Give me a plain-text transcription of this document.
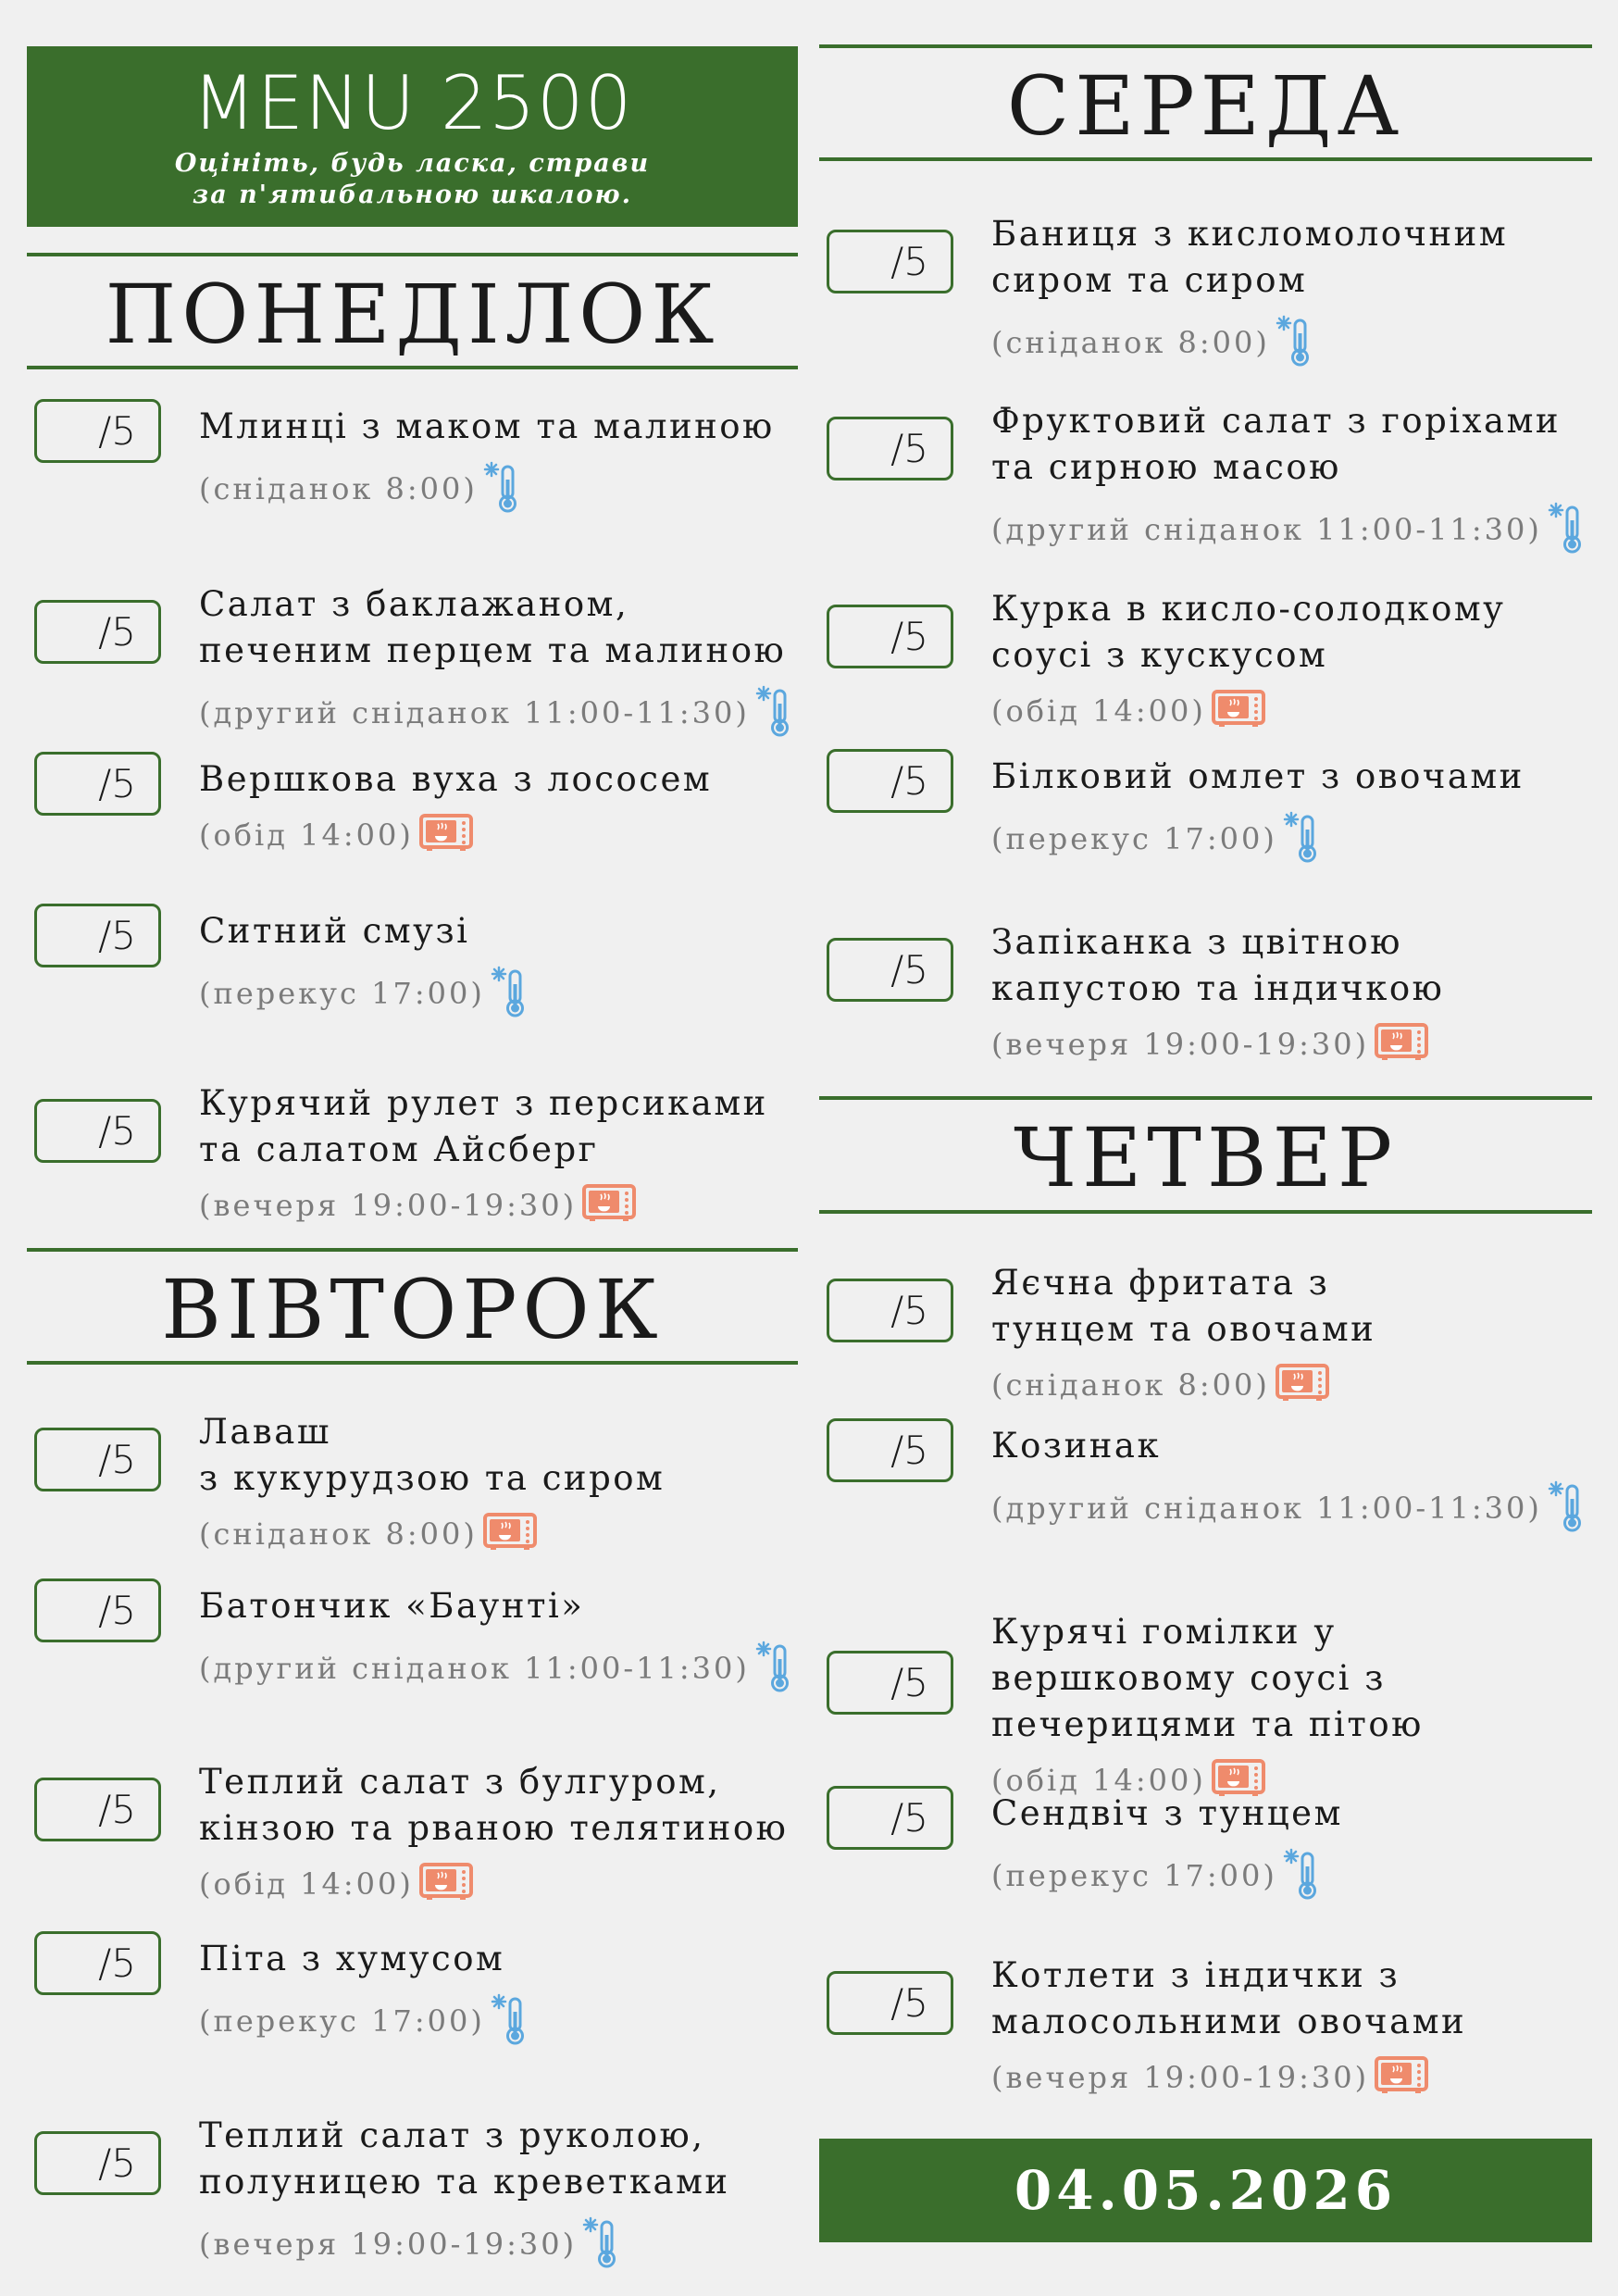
MENU 2500
Оцініть, будь ласка, страви
за п'ятибальною шкалою.
ПОНЕДІЛОК
/5	Млинці з маком та малиною
(сніданок 8:00)
/5
Салат з баклажаном,
печеним перцем та малиною
(другий сніданок 11:00-11:30)
/5	Вершкова вуха з лососем
(обід 14:00)
/5	Ситний смузі
(перекус 17:00)
/5
Курячий рулет з персиками
та салатом Айсберг
(вечеря 19:00-19:30)
ВІВТОРОК
/5
Лаваш
з кукурудзою та сиром
(сніданок 8:00)
/5	Батончик «Баунті»
(другий сніданок 11:00-11:30)
/5
Теплий салат з булгуром,
кінзою та рваною телятиною
(обід 14:00)
/5	Піта з хумусом
(перекус 17:00)
/5
Теплий салат з руколою,
полуницею та креветками
(вечеря 19:00-19:30)
СЕРЕДА
/5
Баниця з кисломолочним
сиром та сиром
(сніданок 8:00)
/5
Фруктовий салат з горіхами
та сирною масою
(другий сніданок 11:00-11:30)
/5
Курка в кисло-солодкому
соусі з кускусом
(обід 14:00)
/5	Білковий омлет з овочами
(перекус 17:00)
/5
Запіканка з цвітною
капустою та індичкою
(вечеря 19:00-19:30)
ЧЕТВЕР
/5
Яєчна фритата з
тунцем та овочами
(сніданок 8:00)
/5	Козинак
(другий сніданок 11:00-11:30)
/5
Курячі гомілки у
вершковому соусі з
печерицями та пітою
(обід 14:00)
/5	Сендвіч з тунцем
(перекус 17:00)
/5
Котлети з індички з
малосольними овочами
(вечеря 19:00-19:30)
04.05.2026
